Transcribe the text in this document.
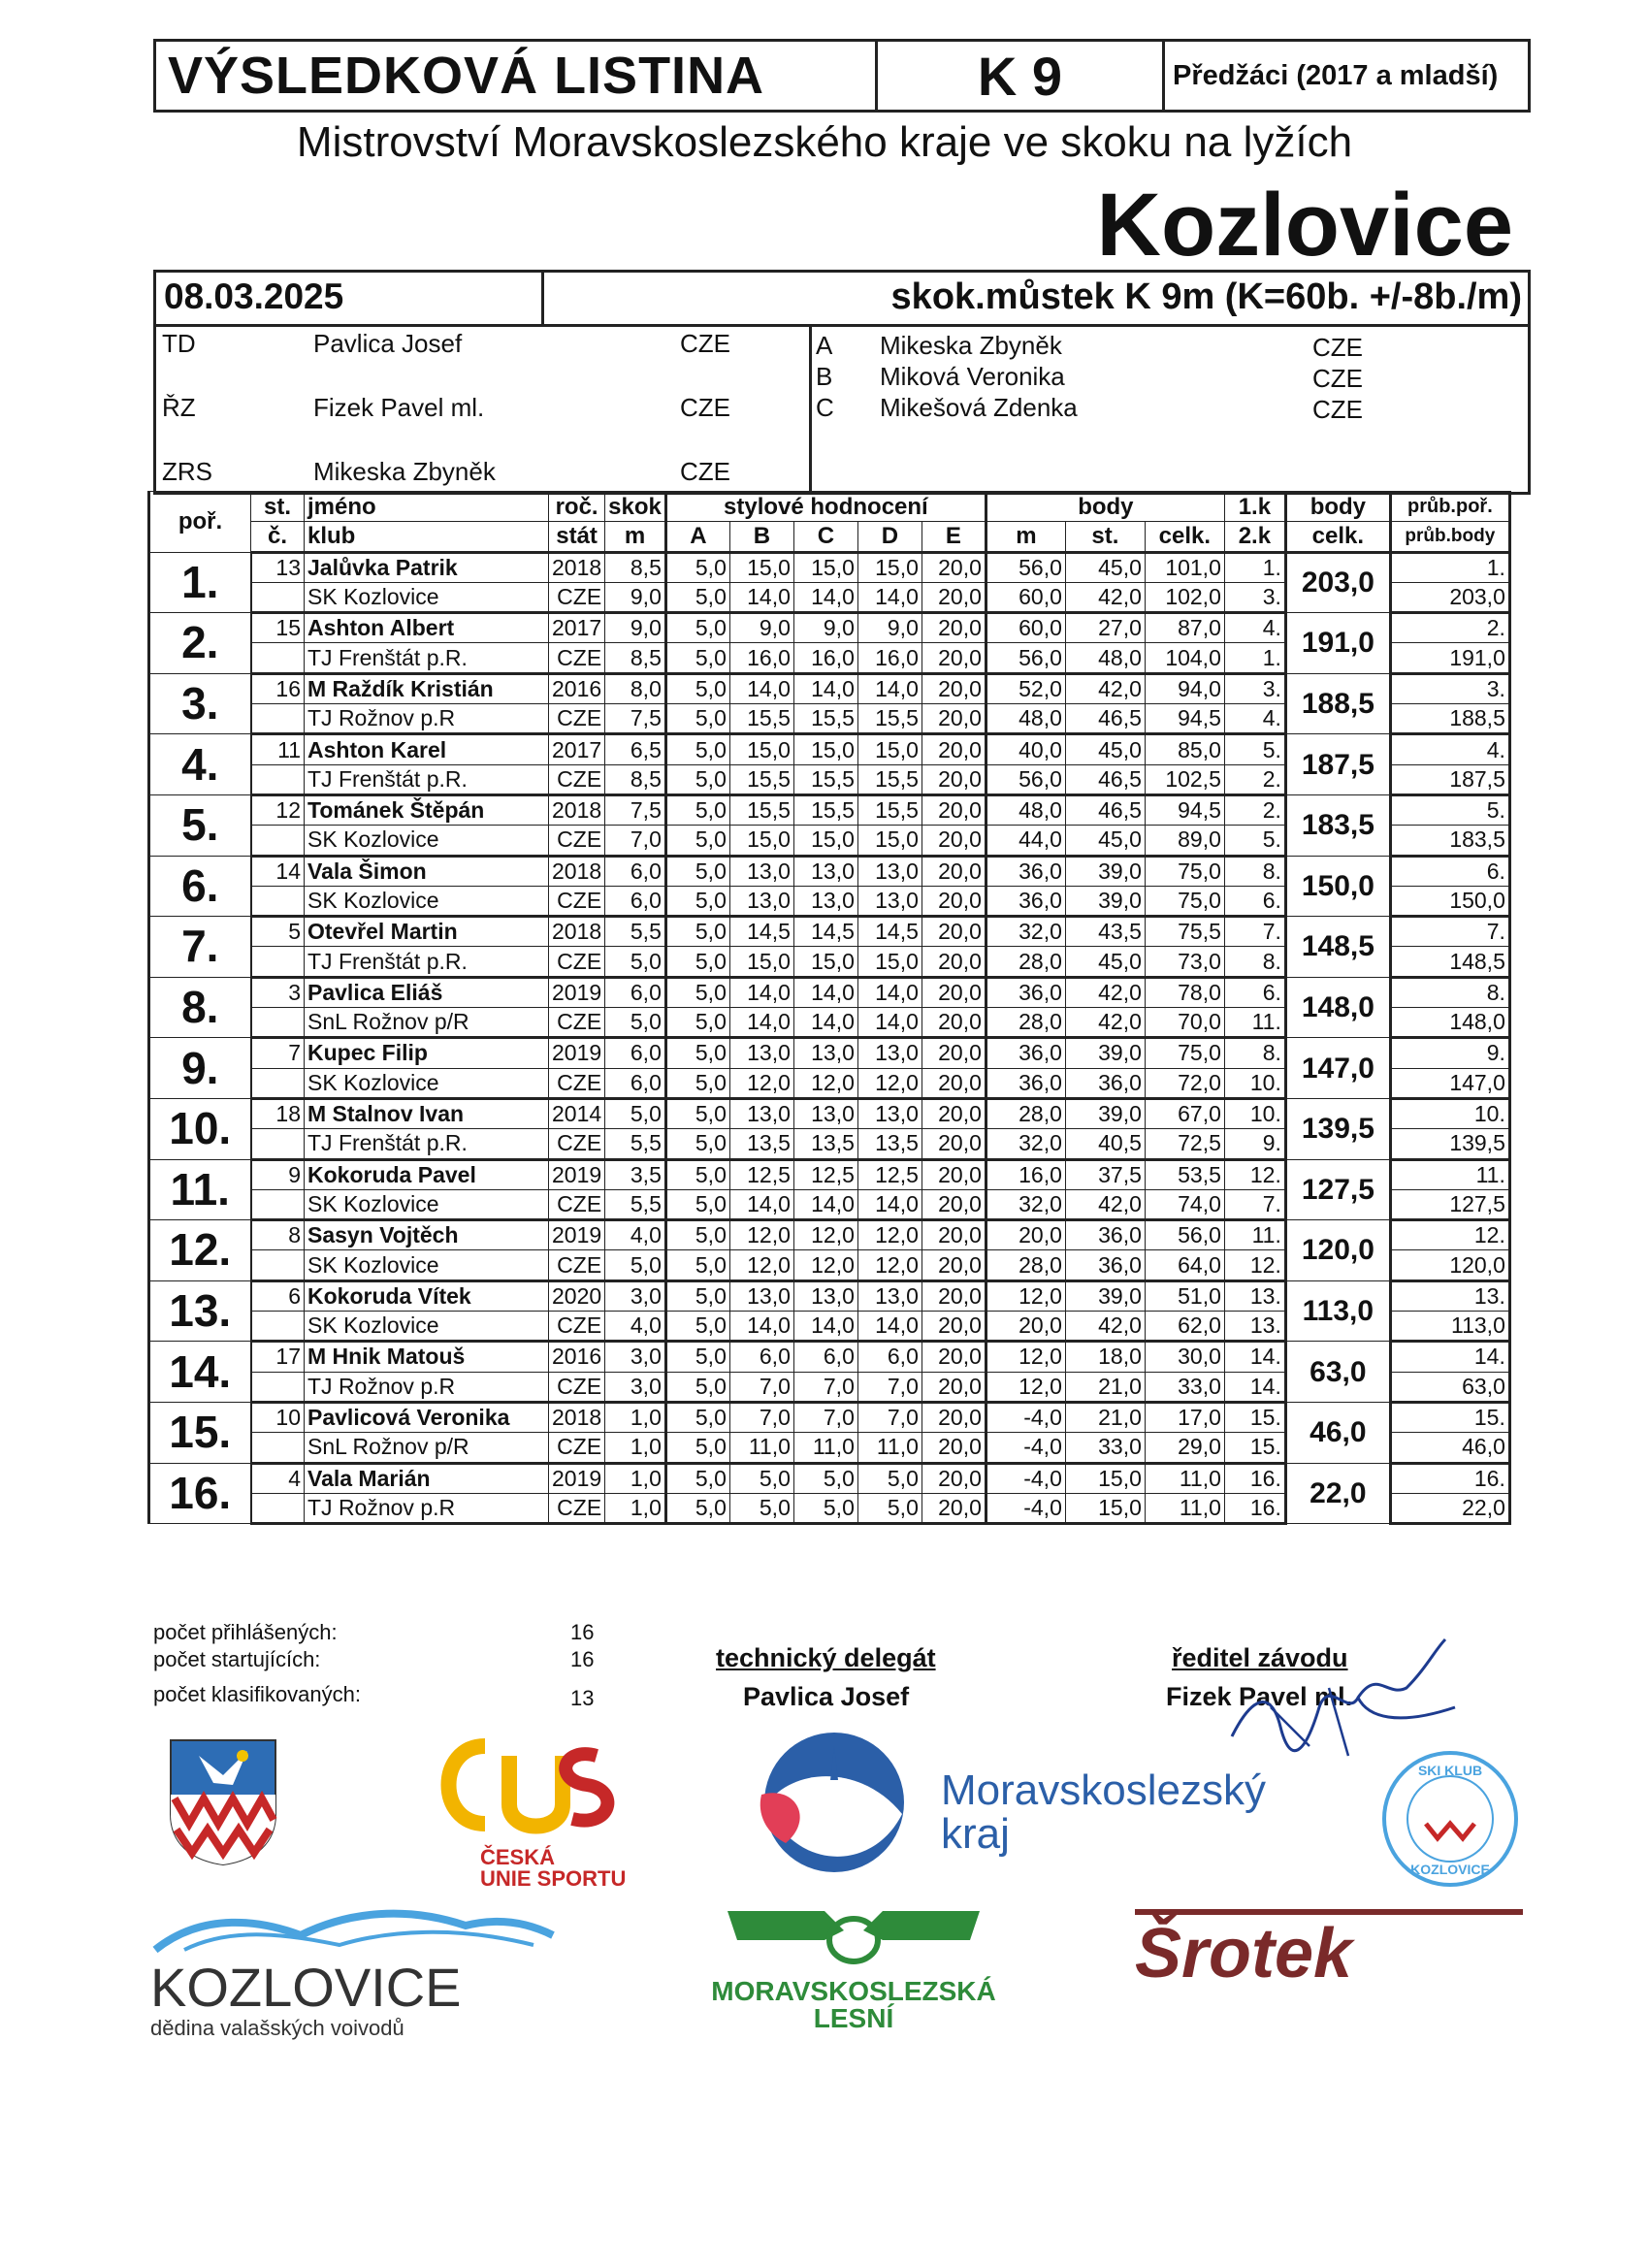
VÝSLEDKOVÁ LISTINA	K 9	Předžáci (2017 a mladší)
Mistrovství Moravskoslezského kraje ve skoku na lyžích
Kozlovice
08.03.2025	skok.můstek K 9m (K=60b. +/-8b./m)
TD	Pavlica Josef	CZE
ŘZ	Fizek Pavel ml.	CZE
ZRS	Mikeska Zbyněk	CZE
A Mikeska Zbyněk	CZE
B Miková Veronika	CZE
C Mikešová Zdenka	CZE
poř.	st.	jméno	roč.	skok	stylové hodnocení					body			1.k	body	průb.poř.
	č.	klub	stát	m	A	B	C	D	E	m	st.	celk.	2.k	celk.	průb.body
1.	13	Jalůvka Patrik	2018	8,5	5,0	15,0	15,0	15,0	20,0	56,0	45,0	101,0	1.	203,0	1.
		SK Kozlovice	CZE	9,0	5,0	14,0	14,0	14,0	20,0	60,0	42,0	102,0	3.		203,0
2.	15	Ashton Albert	2017	9,0	5,0	9,0	9,0	9,0	20,0	60,0	27,0	87,0	4.	191,0	2.
		TJ Frenštát p.R.	CZE	8,5	5,0	16,0	16,0	16,0	20,0	56,0	48,0	104,0	1.		191,0
3.	16	M Raždík Kristián	2016	8,0	5,0	14,0	14,0	14,0	20,0	52,0	42,0	94,0	3.	188,5	3.
		TJ Rožnov p.R	CZE	7,5	5,0	15,5	15,5	15,5	20,0	48,0	46,5	94,5	4.		188,5
4.	11	Ashton Karel	2017	6,5	5,0	15,0	15,0	15,0	20,0	40,0	45,0	85,0	5.	187,5	4.
		TJ Frenštát p.R.	CZE	8,5	5,0	15,5	15,5	15,5	20,0	56,0	46,5	102,5	2.		187,5
5.	12	Tománek Štěpán	2018	7,5	5,0	15,5	15,5	15,5	20,0	48,0	46,5	94,5	2.	183,5	5.
		SK Kozlovice	CZE	7,0	5,0	15,0	15,0	15,0	20,0	44,0	45,0	89,0	5.		183,5
6.	14	Vala Šimon	2018	6,0	5,0	13,0	13,0	13,0	20,0	36,0	39,0	75,0	8.	150,0	6.
		SK Kozlovice	CZE	6,0	5,0	13,0	13,0	13,0	20,0	36,0	39,0	75,0	6.		150,0
7.	5	Otevřel Martin	2018	5,5	5,0	14,5	14,5	14,5	20,0	32,0	43,5	75,5	7.	148,5	7.
		TJ Frenštát p.R.	CZE	5,0	5,0	15,0	15,0	15,0	20,0	28,0	45,0	73,0	8.		148,5
8.	3	Pavlica Eliáš	2019	6,0	5,0	14,0	14,0	14,0	20,0	36,0	42,0	78,0	6.	148,0	8.
		SnL Rožnov p/R	CZE	5,0	5,0	14,0	14,0	14,0	20,0	28,0	42,0	70,0	11.		148,0
9.	7	Kupec Filip	2019	6,0	5,0	13,0	13,0	13,0	20,0	36,0	39,0	75,0	8.	147,0	9.
		SK Kozlovice	CZE	6,0	5,0	12,0	12,0	12,0	20,0	36,0	36,0	72,0	10.		147,0
10.	18	M Stalnov Ivan	2014	5,0	5,0	13,0	13,0	13,0	20,0	28,0	39,0	67,0	10.	139,5	10.
		TJ Frenštát p.R.	CZE	5,5	5,0	13,5	13,5	13,5	20,0	32,0	40,5	72,5	9.		139,5
11.	9	Kokoruda Pavel	2019	3,5	5,0	12,5	12,5	12,5	20,0	16,0	37,5	53,5	12.	127,5	11.
		SK Kozlovice	CZE	5,5	5,0	14,0	14,0	14,0	20,0	32,0	42,0	74,0	7.		127,5
12.	8	Sasyn Vojtěch	2019	4,0	5,0	12,0	12,0	12,0	20,0	20,0	36,0	56,0	11.	120,0	12.
		SK Kozlovice	CZE	5,0	5,0	12,0	12,0	12,0	20,0	28,0	36,0	64,0	12.		120,0
13.	6	Kokoruda Vítek	2020	3,0	5,0	13,0	13,0	13,0	20,0	12,0	39,0	51,0	13.	113,0	13.
		SK Kozlovice	CZE	4,0	5,0	14,0	14,0	14,0	20,0	20,0	42,0	62,0	13.		113,0
14.	17	M Hnik Matouš	2016	3,0	5,0	6,0	6,0	6,0	20,0	12,0	18,0	30,0	14.	63,0	14.
		TJ Rožnov p.R	CZE	3,0	5,0	7,0	7,0	7,0	20,0	12,0	21,0	33,0	14.		63,0
15.	10	Pavlicová Veronika	2018	1,0	5,0	7,0	7,0	7,0	20,0	-4,0	21,0	17,0	15.	46,0	15.
		SnL Rožnov p/R	CZE	1,0	5,0	11,0	11,0	11,0	20,0	-4,0	33,0	29,0	15.		46,0
16.	4	Vala Marián	2019	1,0	5,0	5,0	5,0	5,0	20,0	-4,0	15,0	11,0	16.	22,0	16.
		TJ Rožnov p.R	CZE	1,0	5,0	5,0	5,0	5,0	20,0	-4,0	15,0	11,0	16.		22,0
počet přihlášených:	16
počet startujících:	16
počet klasifikovaných:	13
technický delegát
Pavlica Josef
ředitel závodu
Fizek Pavel ml.
ČESKÁ
UNIE SPORTU
Moravskoslezský
kraj
SKI KLUB
KOZLOVICE
KOZLOVICE
dědina valašských voivodů
MORAVSKOSLEZSKÁ
LESNÍ
Šrotek
